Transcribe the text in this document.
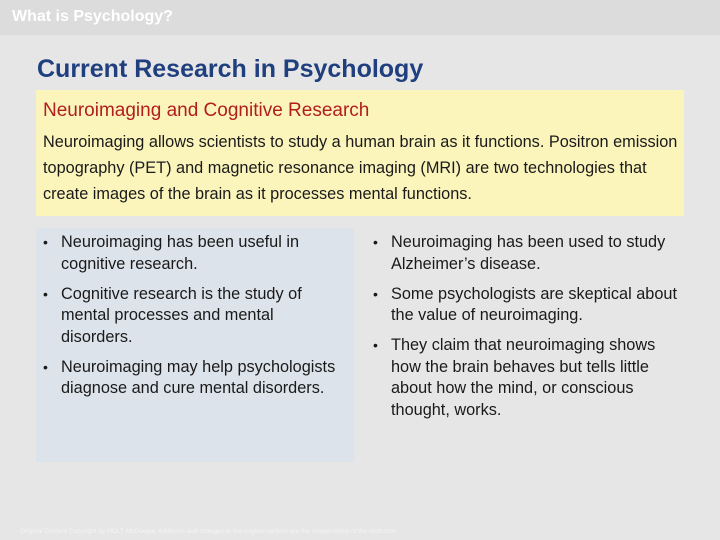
What is Psychology?
Current Research in Psychology
Neuroimaging and Cognitive Research
Neuroimaging allows scientists to study a human brain as it functions. Positron emission topography (PET) and magnetic resonance imaging (MRI) are two technologies that create images of the brain as it processes mental functions.
• Neuroimaging has been useful in cognitive research.
• Cognitive research is the study of mental processes and mental disorders.
• Neuroimaging may help psychologists diagnose and cure mental disorders.
• Neuroimaging has been used to study Alzheimer’s disease.
• Some psychologists are skeptical about the value of neuroimaging.
• They claim that neuroimaging shows how the brain behaves but tells little about how the mind, or conscious thought, works.
Original Content Copyright by HOLT McDougal. Additions and changes to the original content are the responsibility of the instructor.
